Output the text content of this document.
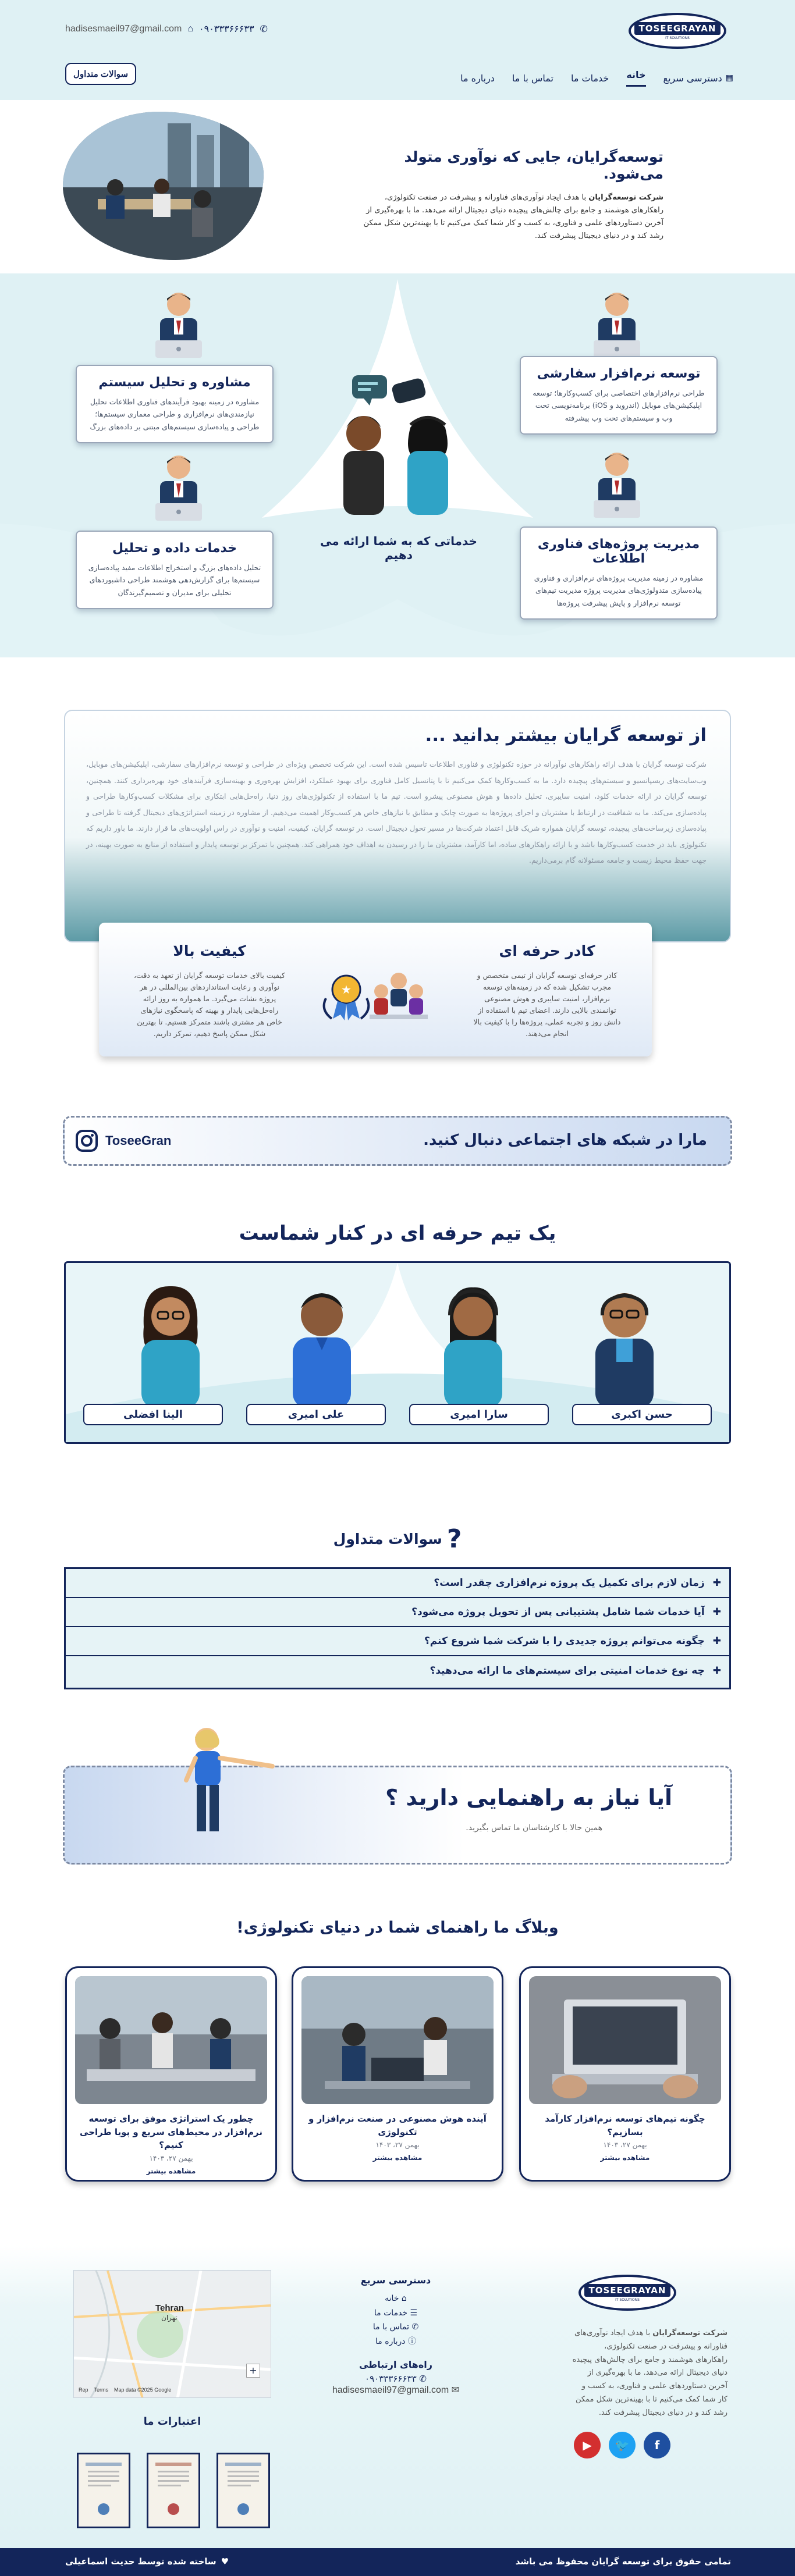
TOSEEGRAYAN
IT SOLUTIONS
▦
دسترسی سریع
خانه
خدمات ما
تماس با ما
درباره ما
hadisesmaeil97@gmail.com ⌂ ۰۹۰۳۳۳۶۶۶۳۳ ✆
سوالات متداول
توسعه‌گرایان، جایی که نوآوری متولد می‌شود.

شرکت توسعه‌گرایان با هدف ایجاد نوآوری‌های فناورانه و پیشرفت در صنعت تکنولوژی، راهکارهای هوشمند و جامع برای چالش‌های پیچیده دنیای دیجیتال ارائه می‌دهد. ما با بهره‌گیری از آخرین دستاوردهای علمی و فناوری، به کسب و کار شما کمک می‌کنیم تا با بهینه‌ترین شکل ممکن رشد کند و در دنیای دیجیتال پیشرفت کند.

توسعه نرم‌افزار سفارشی

طراحی نرم‌افزارهای اختصاصی برای کسب‌وکارها؛ توسعه اپلیکیشن‌های موبایل (اندروید و iOS) برنامه‌نویسی تحت وب و سیستم‌های تحت وب پیشرفته

مشاوره و تحلیل سیستم

مشاوره در زمینه بهبود فرآیندهای فناوری اطلاعات تحلیل نیازمندی‌های نرم‌افزاری و طراحی معماری سیستم‌ها؛ طراحی و پیاده‌سازی سیستم‌های مبتنی بر داده‌های بزرگ

مدیریت پروژه‌های فناوری اطلاعات

مشاوره در زمینه مدیریت پروژه‌های نرم‌افزاری و فناوری پیاده‌سازی متدولوژی‌های مدیریت پروژه مدیریت تیم‌های توسعه نرم‌افزار و پایش پیشرفت پروژه‌ها

خدمات داده و تحلیل

تحلیل داده‌های بزرگ و استخراج اطلاعات مفید پیاده‌سازی سیستم‌ها برای گزارش‌دهی هوشمند طراحی داشبوردهای تحلیلی برای مدیران و تصمیم‌گیرندگان

خدماتی که به شما ارائه می دهیم
از توسعه گرایان بیشتر بدانید ...

شرکت توسعه گرایان با هدف ارائه راهکارهای نوآورانه در حوزه تکنولوژی و فناوری اطلاعات تاسیس شده است. این شرکت تخصص ویژه‌ای در طراحی و توسعه نرم‌افزارهای سفارشی، اپلیکیشن‌های موبایل، وب‌سایت‌های ریسپانسیو و سیستم‌های پیچیده دارد. ما به کسب‌وکارها کمک می‌کنیم تا با پتانسیل کامل فناوری برای بهبود عملکرد، افزایش بهره‌وری و بهینه‌سازی فرآیندهای خود بهره‌برداری کنند. همچنین، توسعه گرایان در ارائه خدمات کلود، امنیت سایبری، تحلیل داده‌ها و هوش مصنوعی پیشرو است. تیم ما با استفاده از تکنولوژی‌های روز دنیا، راه‌حل‌هایی ابتکاری برای مشکلات کسب‌وکارها طراحی و پیاده‌سازی می‌کند. ما به شفافیت در ارتباط با مشتریان و اجرای پروژه‌ها به صورت چابک و مطابق با نیازهای خاص هر کسب‌وکار اهمیت می‌دهیم. از مشاوره در زمینه استراتژی‌های دیجیتال گرفته تا طراحی و پیاده‌سازی زیرساخت‌های پیچیده، توسعه گرایان همواره شریک قابل اعتماد شرکت‌ها در مسیر تحول دیجیتال است. در توسعه گرایان، کیفیت، امنیت و نوآوری در راس اولویت‌های ما قرار دارند. ما باور داریم که تکنولوژی باید در خدمت کسب‌وکارها باشد و با ارائه راهکارهای ساده، اما کارآمد، مشتریان ما را در رسیدن به اهداف خود همراهی کند. همچنین با تمرکز بر توسعه پایدار و استفاده از منابع به صورت بهینه، در جهت حفظ محیط زیست و جامعه مسئولانه گام برمی‌داریم.

کادر حرفه ای

کادر حرفه‌ای توسعه گرایان از تیمی متخصص و مجرب تشکیل شده که در زمینه‌های توسعه نرم‌افزار، امنیت سایبری و هوش مصنوعی توانمندی بالایی دارند. اعضای تیم با استفاده از دانش روز و تجربه عملی، پروژه‌ها را با کیفیت بالا انجام می‌دهند.

کیفیت بالا

کیفیت بالای خدمات توسعه گرایان از تعهد به دقت، نوآوری و رعایت استانداردهای بین‌المللی در هر پروژه نشات می‌گیرد. ما همواره به روز ارائه راه‌حل‌هایی پایدار و بهینه که پاسخگوی نیازهای خاص هر مشتری باشند متمرکز هستیم. تا بهترین شکل ممکن پاسخ دهیم، تمرکز داریم.

★
مارا در شبکه های اجتماعی دنبال کنید.
ToseeGran
یک تیم حرفه ای در کنار شماست
حسن اکبری
سارا امیری
علی امیری
الینا افضلی
?
سوالات متداول
✚
زمان لازم برای تکمیل یک پروژه نرم‌افزاری چقدر است؟
✚
آیا خدمات شما شامل پشتیبانی پس از تحویل پروژه می‌شود؟
✚
چگونه می‌توانم پروژه جدیدی را با شرکت شما شروع کنم؟
✚
چه نوع خدمات امنیتی برای سیستم‌های ما ارائه می‌دهید؟
آیا نیاز به راهنمایی دارید ؟
همین حالا با کارشناسان ما تماس بگیرید.
وبلاگ ما راهنمای شما در دنیای تکنولوژی!
چگونه تیم‌های توسعه نرم‌افزار کارآمد بسازیم؟
بهمن ۲۷، ۱۴۰۳
مشاهده بیشتر
آینده هوش مصنوعی در صنعت نرم‌افزار و تکنولوژی
بهمن ۲۷، ۱۴۰۳
مشاهده بیشتر
چطور یک استراتژی موفق برای توسعه نرم‌افزار در محیط‌های سریع و پویا طراحی کنیم؟
بهمن ۲۷، ۱۴۰۳
مشاهده بیشتر
TOSEEGRAYAN
IT SOLUTIONS

شرکت توسعه‌گرایان با هدف ایجاد نوآوری‌های فناورانه و پیشرفت در صنعت تکنولوژی، راهکارهای هوشمند و جامع برای چالش‌های پیچیده دنیای دیجیتال ارائه می‌دهد. ما با بهره‌گیری از آخرین دستاوردهای علمی و فناوری، به کسب و کار شما کمک می‌کنیم تا با بهینه‌ترین شکل ممکن رشد کند و در دنیای دیجیتال پیشرفت کند.

f
🐦
▶
دسترسی سریع
⌂ خانه
☰ خدمات ما
✆ تماس با ما
ⓘ درباره ما
راه‌های ارتباطی
✆ ۰۹۰۳۳۳۶۶۶۳۳
hadisesmaeil97@gmail.com ✉
Tehran
تهران
+
Map data ©2025 Google
Terms
Rep
اعتبارات ما
تمامی حقوق برای توسعه گرایان محفوظ می باشد
♥
ساخته شده توسط حدیث اسماعیلی
